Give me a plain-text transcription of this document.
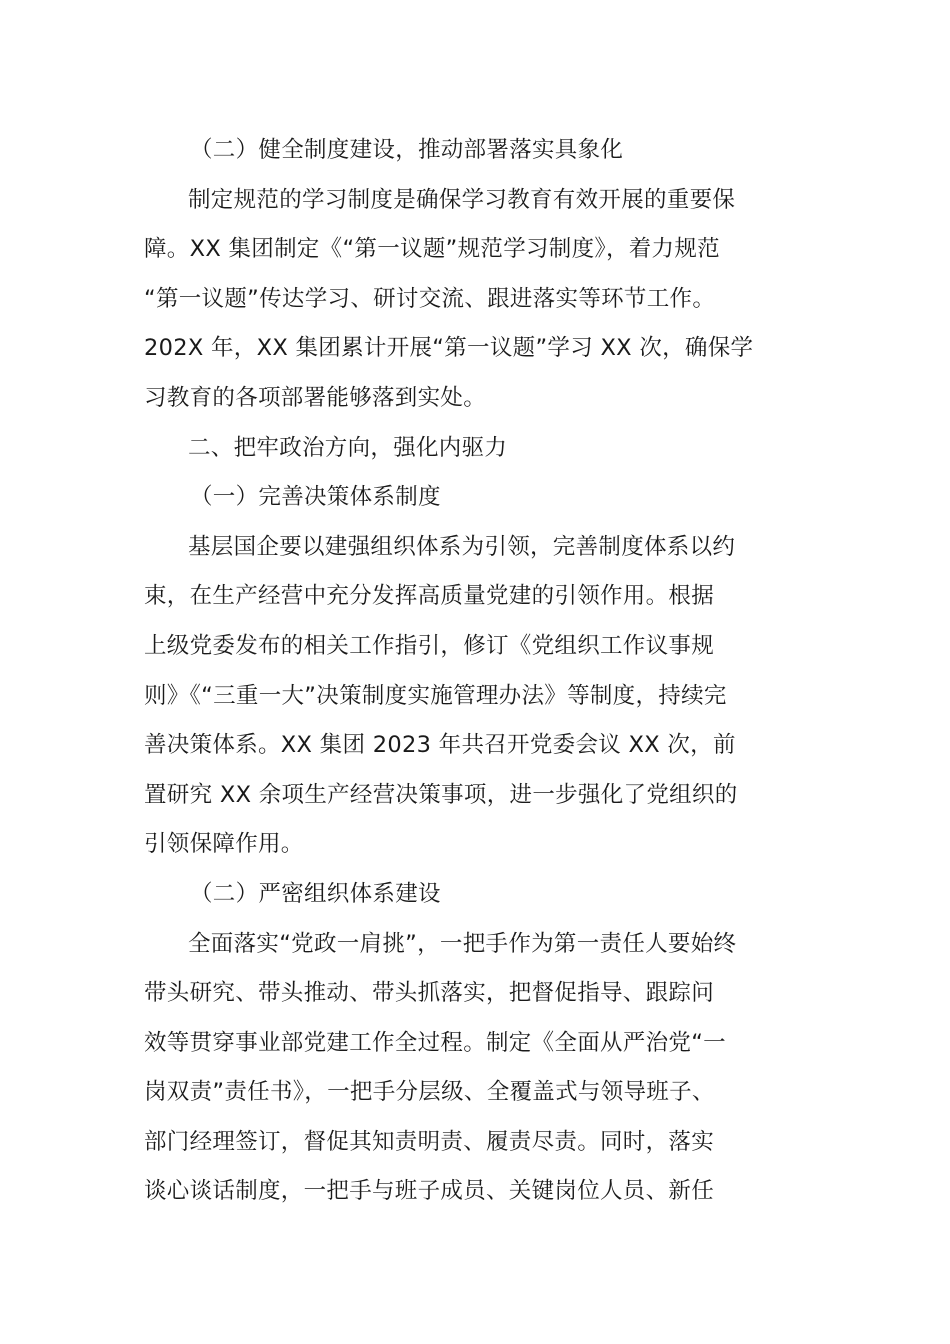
（二）健全制度建设，推动部署落实具象化
制定规范的学习制度是确保学习教育有效开展的重要保
障。XX 集团制定《“第一议题”规范学习制度》，着力规范
“第一议题”传达学习、研讨交流、跟进落实等环节工作。
202X 年，XX 集团累计开展“第一议题”学习 XX 次，确保学
习教育的各项部署能够落到实处。
二、把牢政治方向，强化内驱力
（一）完善决策体系制度
基层国企要以建强组织体系为引领，完善制度体系以约
束，在生产经营中充分发挥高质量党建的引领作用。根据
上级党委发布的相关工作指引，修订《党组织工作议事规
则》《“三重一大”决策制度实施管理办法》等制度，持续完
善决策体系。XX 集团 2023 年共召开党委会议 XX 次，前
置研究 XX 余项生产经营决策事项，进一步强化了党组织的
引领保障作用。
（二）严密组织体系建设
全面落实“党政一肩挑”，一把手作为第一责任人要始终
带头研究、带头推动、带头抓落实，把督促指导、跟踪问
效等贯穿事业部党建工作全过程。制定《全面从严治党“一
岗双责”责任书》，一把手分层级、全覆盖式与领导班子、
部门经理签订，督促其知责明责、履责尽责。同时，落实
谈心谈话制度，一把手与班子成员、关键岗位人员、新任
